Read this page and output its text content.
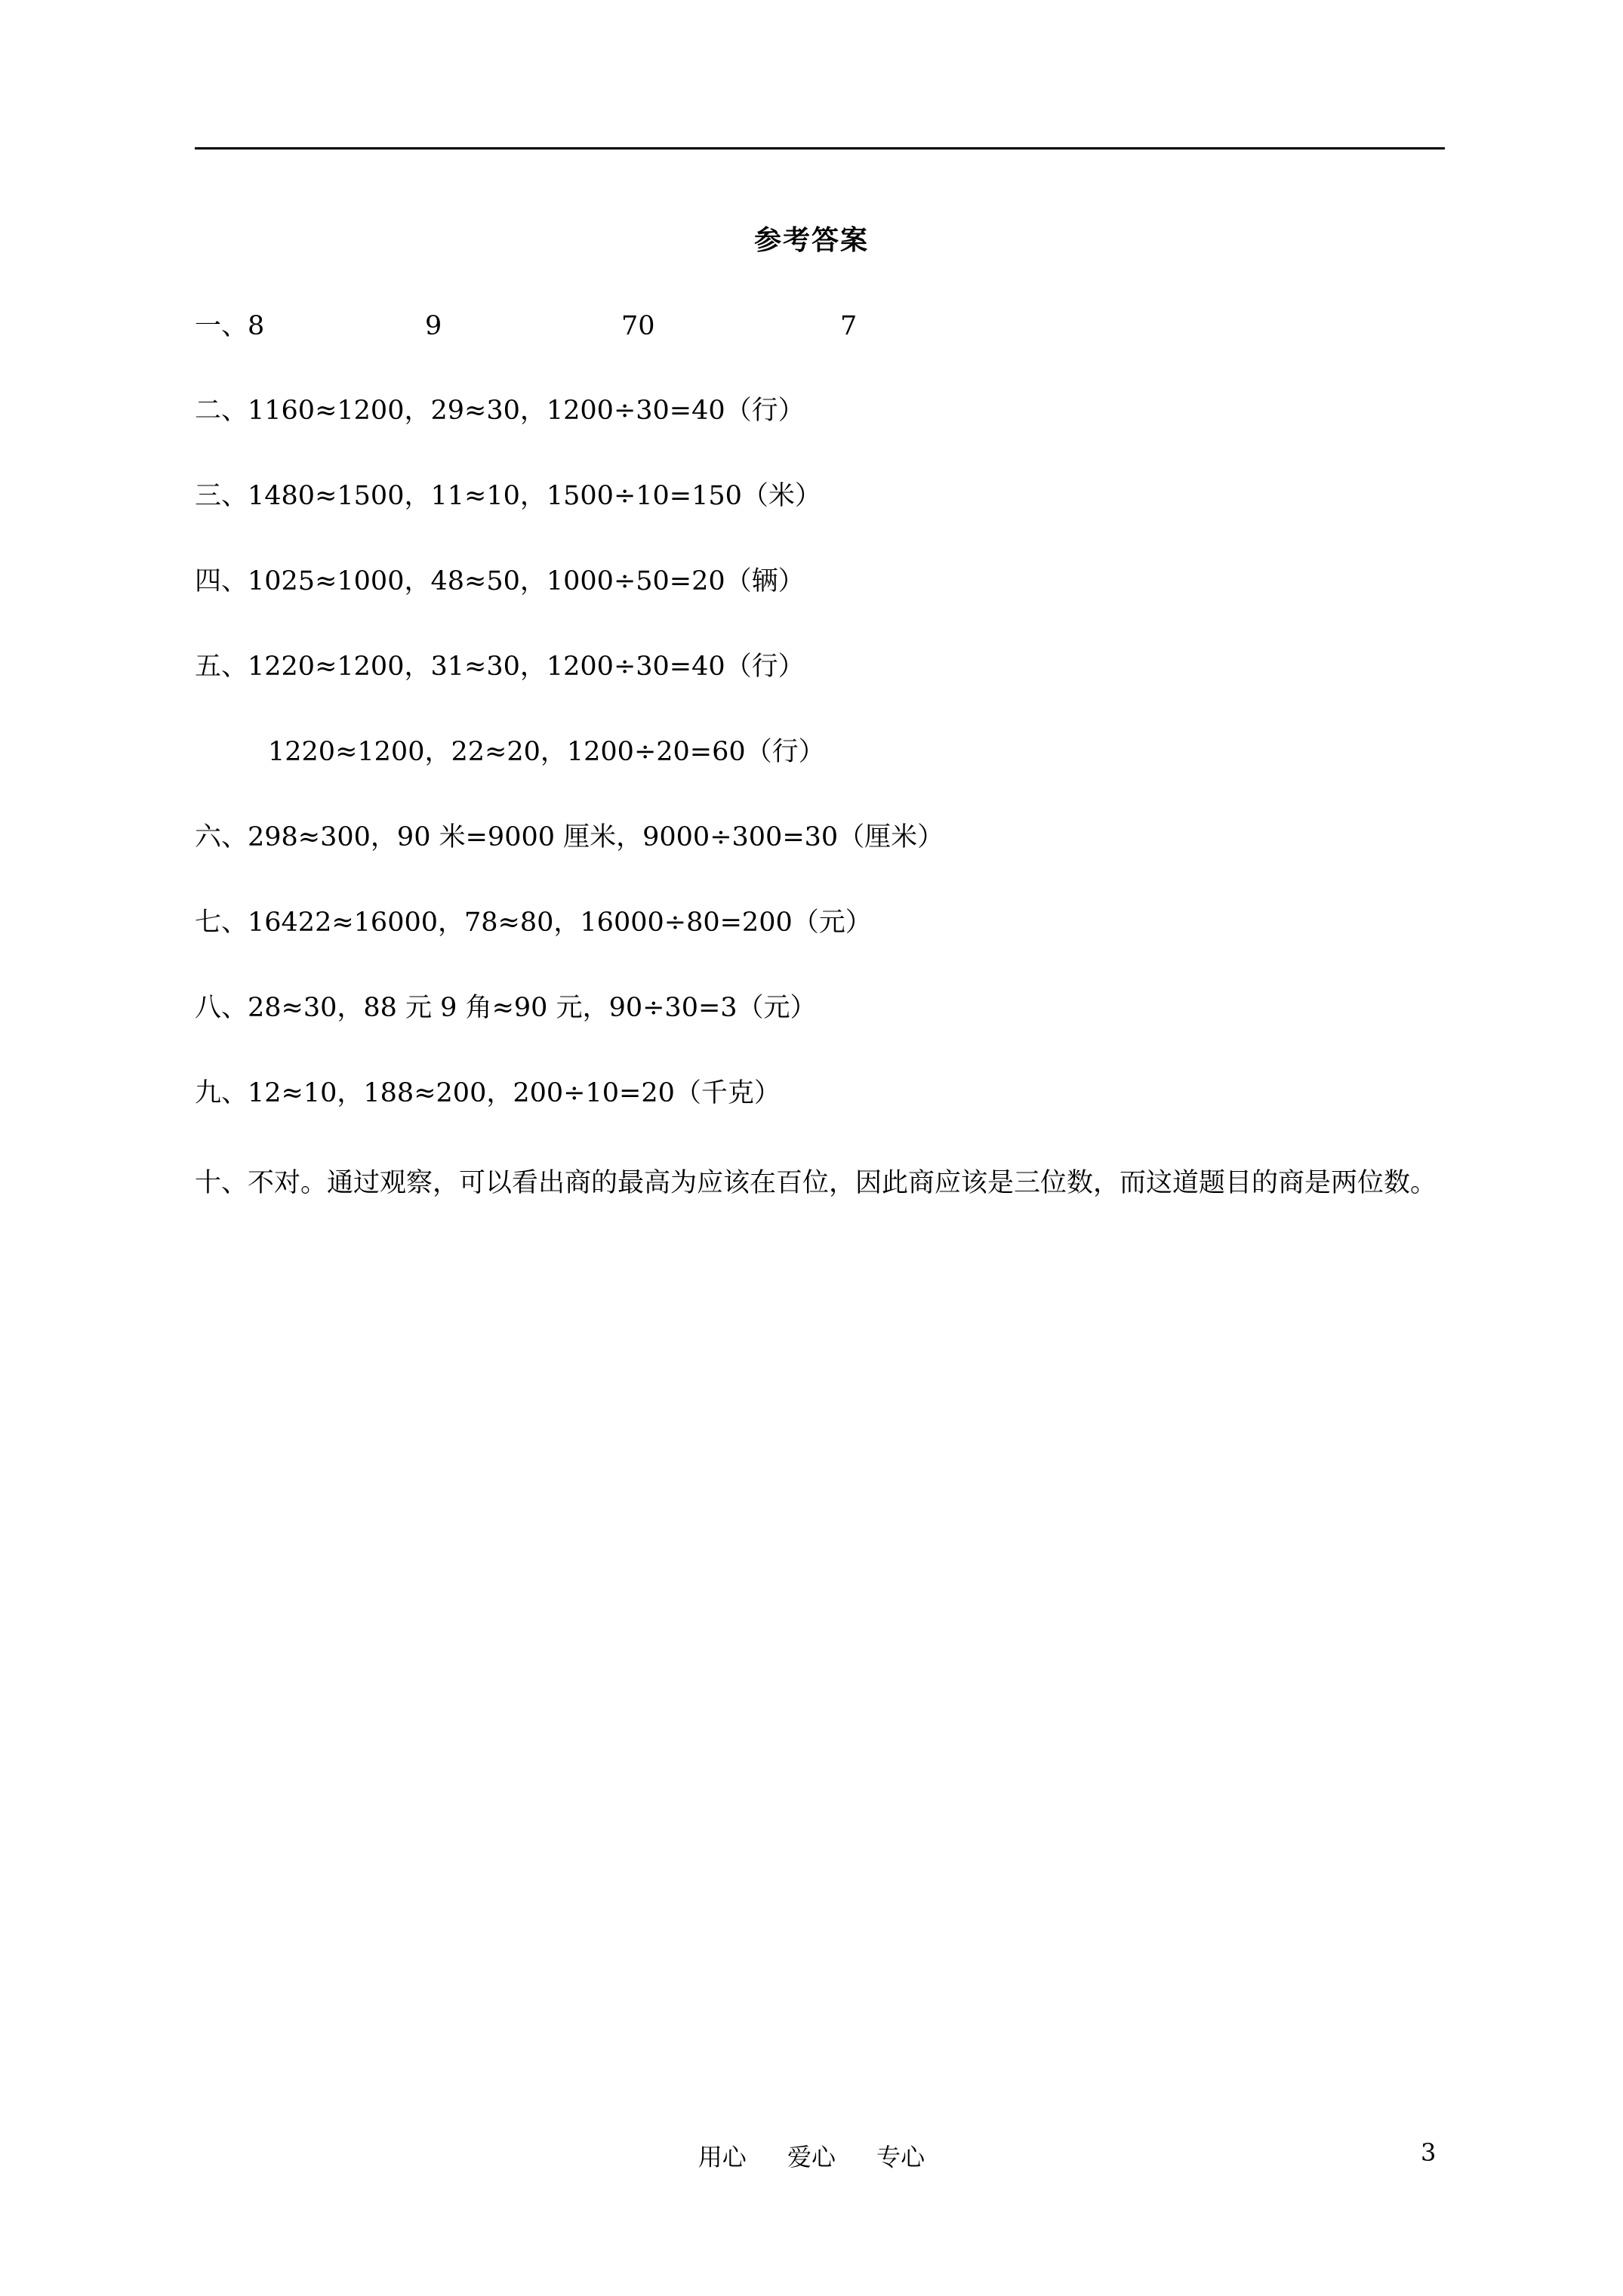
参考答案
一、8	9	70	7
二、1160≈1200，29≈30，1200÷30=40（行）
三、1480≈1500，11≈10，1500÷10=150（米）
四、1025≈1000，48≈50，1000÷50=20（辆）
五、1220≈1200，31≈30，1200÷30=40（行）
1220≈1200，22≈20，1200÷20=60（行）
六、298≈300，90 米=9000 厘米，9000÷300=30（厘米）
七、16422≈16000，78≈80，16000÷80=200（元）
八、28≈30，88 元 9 角≈90 元，90÷30=3（元）
九、12≈10，188≈200，200÷10=20（千克）
十、不对。通过观察，可以看出商的最高为应该在百位，因此商应该是三位数，而这道题目的商是两位数。
用心 爱心 专心	3
